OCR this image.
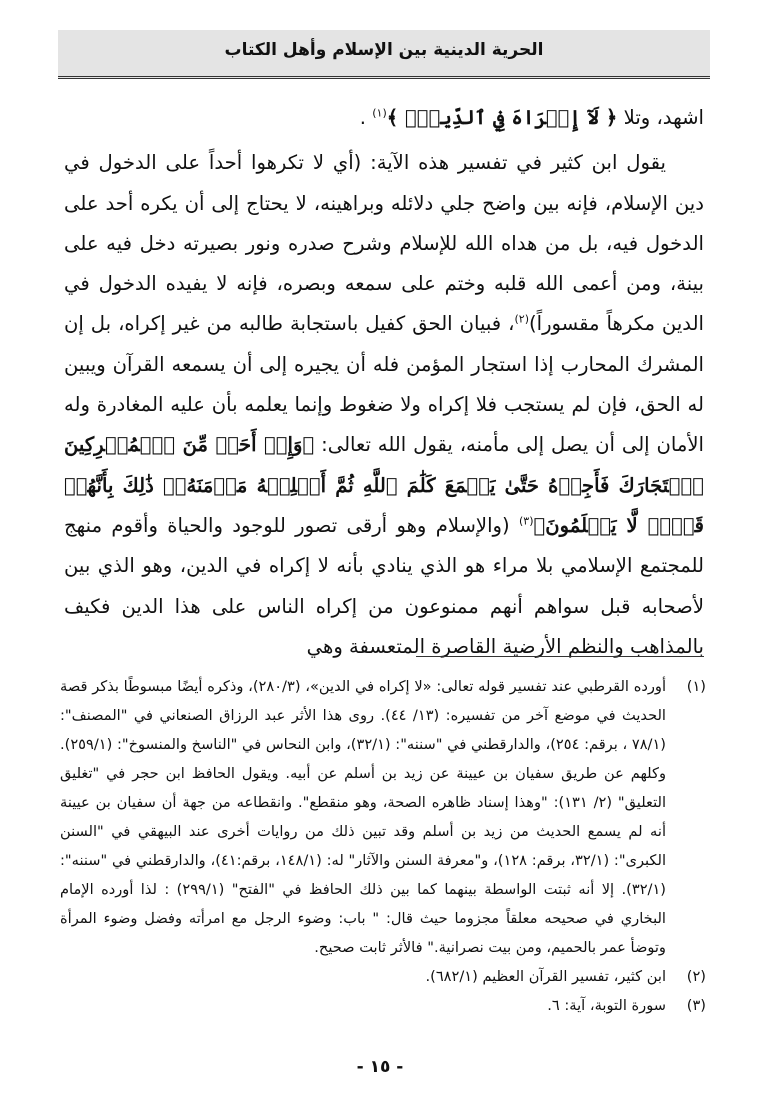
الحرية الدينية بين الإسلام وأهل الكتاب

اشهد، وتلا ﴿ لَآ إِكۡرَاهَ فِي ٱلدِّينِۖ ﴾$^{(١)}$ .

يقول ابن كثير في تفسير هذه الآية: (أي لا تكرهوا أحداً على الدخول في دين الإسلام، فإنه بين واضح جلي دلائله وبراهينه، لا يحتاج إلى أن يكره أحد على الدخول فيه، بل من هداه الله للإسلام وشرح صدره ونور بصيرته دخل فيه على بينة، ومن أعمى الله قلبه وختم على سمعه وبصره، فإنه لا يفيده الدخول في الدين مكرهاً مقسوراً)$^{(٢)}$، فبيان الحق كفيل باستجابة طالبه من غير إكراه، بل إن المشرك المحارب إذا استجار المؤمن فله أن يجيره إلى أن يسمعه القرآن ويبين له الحق، فإن لم يستجب فلا إكراه ولا ضغوط وإنما يعلمه بأن عليه المغادرة وله الأمان إلى أن يصل إلى مأمنه، يقول الله تعالى: ﴿وَإِنۡ أَحَدٞ مِّنَ ٱلۡمُشۡرِكِينَ ٱسۡتَجَارَكَ فَأَجِرۡهُ حَتَّىٰ يَسۡمَعَ كَلَٰمَ ٱللَّهِ ثُمَّ أَبۡلِغۡهُ مَأۡمَنَهُۥۚ ذَٰلِكَ بِأَنَّهُمۡ قَوۡمٞ لَّا يَعۡلَمُونَ﴾$^{(٣)}$ (والإسلام وهو أرقى تصور للوجود والحياة وأقوم منهج للمجتمع الإسلامي بلا مراء هو الذي ينادي بأنه لا إكراه في الدين، وهو الذي بين لأصحابه قبل سواهم أنهم ممنوعون من إكراه الناس على هذا الدين فكيف بالمذاهب والنظم الأرضية القاصرة المتعسفة وهي

(١)
أورده القرطبي عند تفسير قوله تعالى: «لا إكراه في الدين»، (٢٨٠/٣)، وذكره أيضًا مبسوطًا بذكر قصة الحديث في موضع آخر من تفسيره: (١٣/ ٤٤). روى هذا الأثر عبد الرزاق الصنعاني في "المصنف": (٧٨/١ ، برقم: ٢٥٤)، والدارقطني في "سننه": (٣٢/١)، وابن النحاس في "الناسخ والمنسوخ": (٢٥٩/١). وكلهم عن طريق سفيان بن عيينة عن زيد بن أسلم عن أبيه. ويقول الحافظ ابن حجر في "تغليق التعليق" (٢/ ١٣١): "وهذا إسناد ظاهره الصحة، وهو منقطع". وانقطاعه من جهة أن سفيان بن عيينة أنه لم يسمع الحديث من زيد بن أسلم وقد تبين ذلك من روايات أخرى عند البيهقي في "السنن الكبرى": (٣٢/١، برقم: ١٢٨)، و"معرفة السنن والآثار" له: (١٤٨/١، برقم:٤١)، والدارقطني في "سننه": (٣٢/١). إلا أنه ثبتت الواسطة بينهما كما بين ذلك الحافظ في "الفتح" (٢٩٩/١) : لذا أورده الإمام البخاري في صحيحه معلقاً مجزوما حيث قال: " باب: وضوء الرجل مع امرأته وفضل وضوء المرأة وتوضأ عمر بالحميم، ومن بيت نصرانية." فالأثر ثابت صحيح.
(٢)
ابن كثير، تفسير القرآن العظيم (٦٨٢/١).
(٣)
سورة التوبة، آية: ٦.
- ١٥ -
